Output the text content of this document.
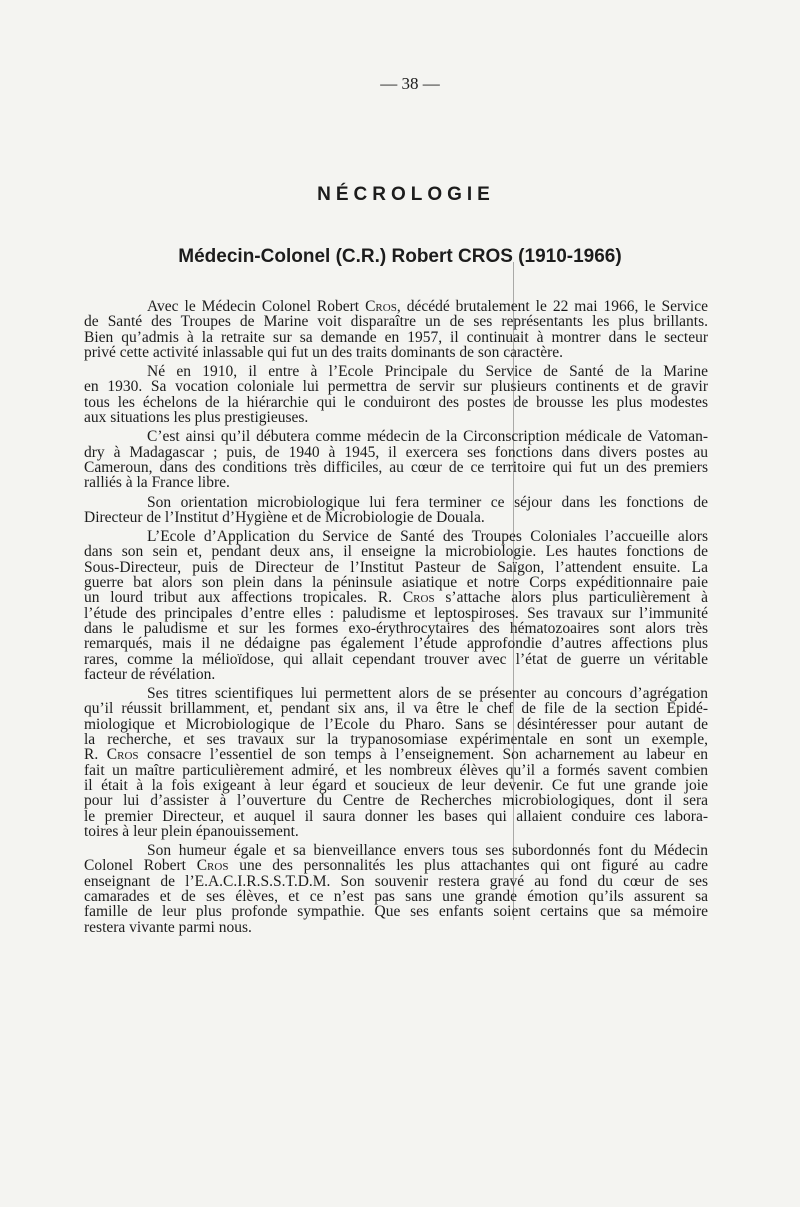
— 38 —
NÉCROLOGIE
Médecin-Colonel (C.R.) Robert CROS (1910-1966)
Avec le Médecin Colonel Robert Cros, décédé brutalement le 22 mai 1966, le Service
de Santé des Troupes de Marine voit disparaître un de ses représentants les plus brillants.
Bien qu’admis à la retraite sur sa demande en 1957, il continuait à montrer dans le secteur
privé cette activité inlassable qui fut un des traits dominants de son caractère.
Né en 1910, il entre à l’Ecole Principale du Service de Santé de la Marine
en 1930. Sa vocation coloniale lui permettra de servir sur plusieurs continents et de gravir
tous les échelons de la hiérarchie qui le conduiront des postes de brousse les plus modestes
aux situations les plus prestigieuses.
C’est ainsi qu’il débutera comme médecin de la Circonscription médicale de Vatoman-
dry à Madagascar ; puis, de 1940 à 1945, il exercera ses fonctions dans divers postes au
Cameroun, dans des conditions très difficiles, au cœur de ce territoire qui fut un des premiers
ralliés à la France libre.
Son orientation microbiologique lui fera terminer ce séjour dans les fonctions de
Directeur de l’Institut d’Hygiène et de Microbiologie de Douala.
L’Ecole d’Application du Service de Santé des Troupes Coloniales l’accueille alors
dans son sein et, pendant deux ans, il enseigne la microbiologie. Les hautes fonctions de
Sous-Directeur, puis de Directeur de l’Institut Pasteur de Saïgon, l’attendent ensuite. La
guerre bat alors son plein dans la péninsule asiatique et notre Corps expéditionnaire paie
un lourd tribut aux affections tropicales. R. Cros s’attache alors plus particulièrement à
l’étude des principales d’entre elles : paludisme et leptospiroses. Ses travaux sur l’immunité
dans le paludisme et sur les formes exo-érythrocytaires des hématozoaires sont alors très
remarqués, mais il ne dédaigne pas également l’étude approfondie d’autres affections plus
rares, comme la mélioïdose, qui allait cependant trouver avec l’état de guerre un véritable
facteur de révélation.
Ses titres scientifiques lui permettent alors de se présenter au concours d’agrégation
qu’il réussit brillamment, et, pendant six ans, il va être le chef de file de la section Epidé-
miologique et Microbiologique de l’Ecole du Pharo. Sans se désintéresser pour autant de
la recherche, et ses travaux sur la trypanosomiase expérimentale en sont un exemple,
R. Cros consacre l’essentiel de son temps à l’enseignement. Son acharnement au labeur en
fait un maître particulièrement admiré, et les nombreux élèves qu’il a formés savent combien
il était à la fois exigeant à leur égard et soucieux de leur devenir. Ce fut une grande joie
pour lui d’assister à l’ouverture du Centre de Recherches microbiologiques, dont il sera
le premier Directeur, et auquel il saura donner les bases qui allaient conduire ces labora-
toires à leur plein épanouissement.
Son humeur égale et sa bienveillance envers tous ses subordonnés font du Médecin
Colonel Robert Cros une des personnalités les plus attachantes qui ont figuré au cadre
enseignant de l’E.A.C.I.R.S.S.T.D.M. Son souvenir restera gravé au fond du cœur de ses
camarades et de ses élèves, et ce n’est pas sans une grande émotion qu’ils assurent sa
famille de leur plus profonde sympathie. Que ses enfants soient certains que sa mémoire
restera vivante parmi nous.
